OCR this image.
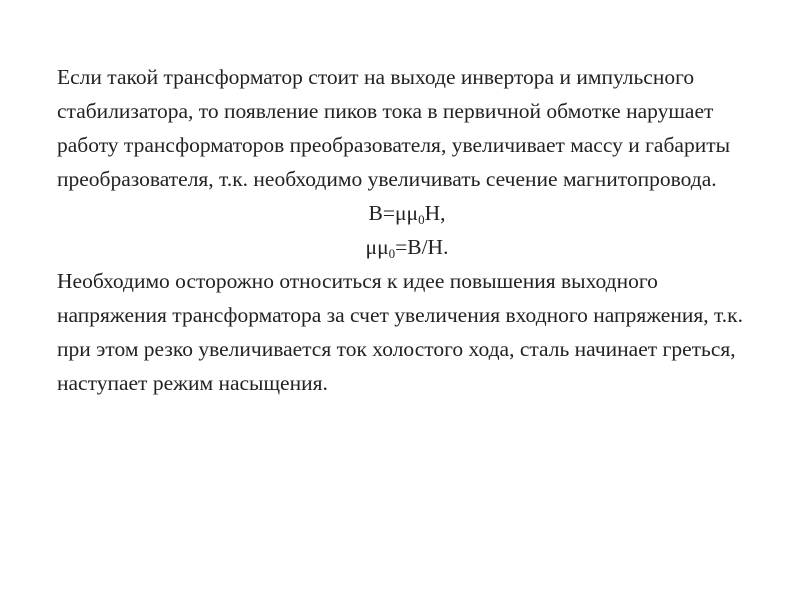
Если такой трансформатор стоит на выходе инвертора и импульсного стабилизатора, то появление пиков тока в первичной обмотке нарушает работу трансформаторов преобразователя, увеличивает массу и габариты преобразователя, т.к. необходимо увеличивать сечение магнитопровода.

$B=\mu\mu_0H$,

$\mu\mu_0=B/H$.

Необходимо осторожно относиться к идее повышения выходного напряжения трансформатора за счет увеличения входного напряжения, т.к. при этом резко увеличивается ток холостого хода, сталь начинает греться, наступает режим насыщения.
